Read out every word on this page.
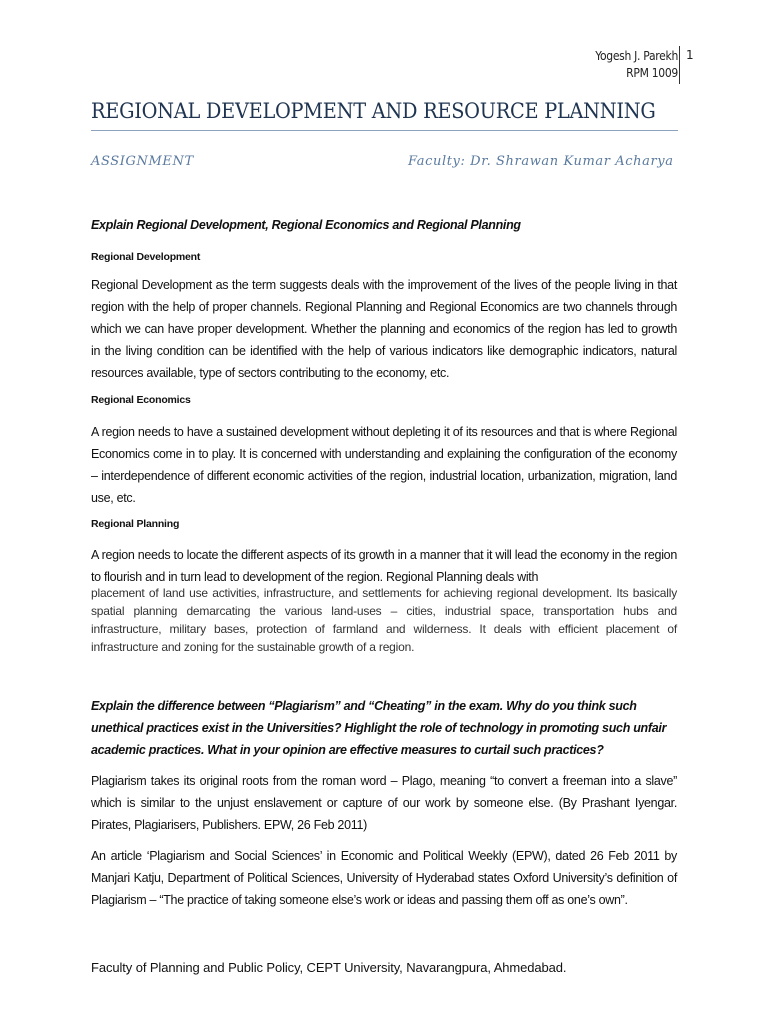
Yogesh J. Parekh
RPM 1009
1
REGIONAL DEVELOPMENT AND RESOURCE PLANNING
ASSIGNMENT	Faculty: Dr. Shrawan Kumar Acharya
Explain Regional Development, Regional Economics and Regional Planning
Regional Development
Regional Development as the term suggests deals with the improvement of the lives of the people living in that region with the help of proper channels. Regional Planning and Regional Economics are two channels through which we can have proper development. Whether the planning and economics of the region has led to growth in the living condition can be identified with the help of various indicators like demographic indicators, natural resources available, type of sectors contributing to the economy, etc.
Regional Economics
A region needs to have a sustained development without depleting it of its resources and that is where Regional Economics come in to play. It is concerned with understanding and explaining the configuration of the economy – interdependence of different economic activities of the region, industrial location, urbanization, migration, land use, etc.
Regional Planning
A region needs to locate the different aspects of its growth in a manner that it will lead the economy in the region to flourish and in turn lead to development of the region. Regional Planning deals with
placement of land use activities, infrastructure, and settlements for achieving regional development. Its basically spatial planning demarcating the various land-uses – cities, industrial space, transportation hubs and infrastructure, military bases, protection of farmland and wilderness. It deals with efficient placement of infrastructure and zoning for the sustainable growth of a region.
Explain the difference between “Plagiarism” and “Cheating” in the exam. Why do you think such unethical practices exist in the Universities? Highlight the role of technology in promoting such unfair academic practices. What in your opinion are effective measures to curtail such practices?
Plagiarism takes its original roots from the roman word – Plago, meaning “to convert a freeman into a slave” which is similar to the unjust enslavement or capture of our work by someone else. (By Prashant Iyengar. Pirates, Plagiarisers, Publishers. EPW, 26 Feb 2011)
An article ‘Plagiarism and Social Sciences’ in Economic and Political Weekly (EPW), dated 26 Feb 2011 by Manjari Katju, Department of Political Sciences, University of Hyderabad states Oxford University’s definition of Plagiarism – “The practice of taking someone else’s work or ideas and passing them off as one’s own”.
Faculty of Planning and Public Policy, CEPT University, Navarangpura, Ahmedabad.
